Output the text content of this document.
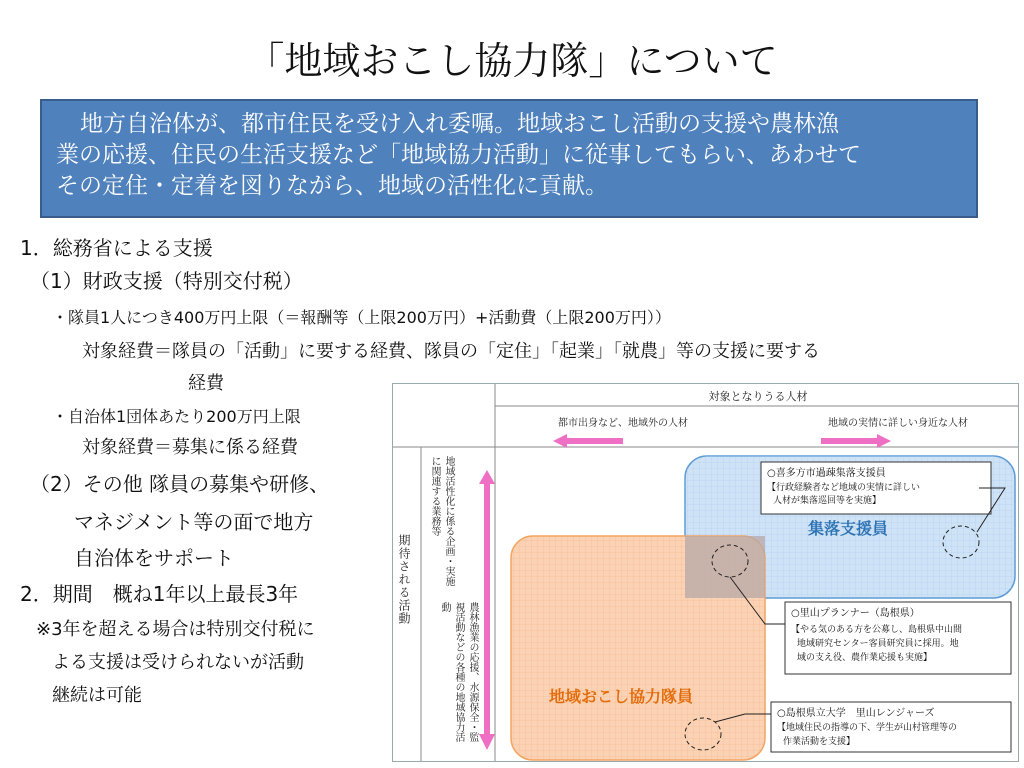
「地域おこし協力隊」について
地方自治体が、都市住民を受け入れ委嘱。地域おこし活動の支援や農林漁
業の応援、住民の生活支援など「地域協力活動」に従事してもらい、あわせて
その定住・定着を図りながら、地域の活性化に貢献。
1．総務省による支援
（1）財政支援（特別交付税）
・隊員1人につき400万円上限（＝報酬等（上限200万円）+活動費（上限200万円））
対象経費＝隊員の「活動」に要する経費、隊員の「定住」「起業」「就農」等の支援に要する
経費
・自治体1団体あたり200万円上限
対象経費＝募集に係る経費
（2）その他 隊員の募集や研修、
マネジメント等の面で地方
自治体をサポート
2．期間　概ね1年以上最長3年
※3年を超える場合は特別交付税に
よる支援は受けられないが活動
継続は可能
対象となりうる人材
都市出身など、地域外の人材	地域の実情に詳しい身近な人材
集落支援員
地域おこし協力隊員
○喜多方市過疎集落支援員
【行政経験者など地域の実情に詳しい
人材が集落巡回等を実施】
○里山プランナー（島根県）
【やる気のある方を公募し、島根県中山間
地域研究センター客員研究員に採用。地
域の支え役、農作業応援も実施】
○島根県立大学　里山レンジャーズ
【地域住民の指導の下、学生が山村管理等の
作業活動を支援】
期待される活動	地域活性化に係る企画・実施に関連する業務等
農林漁業の応援、水源保全・監視活動などの各種の地域協力活動
